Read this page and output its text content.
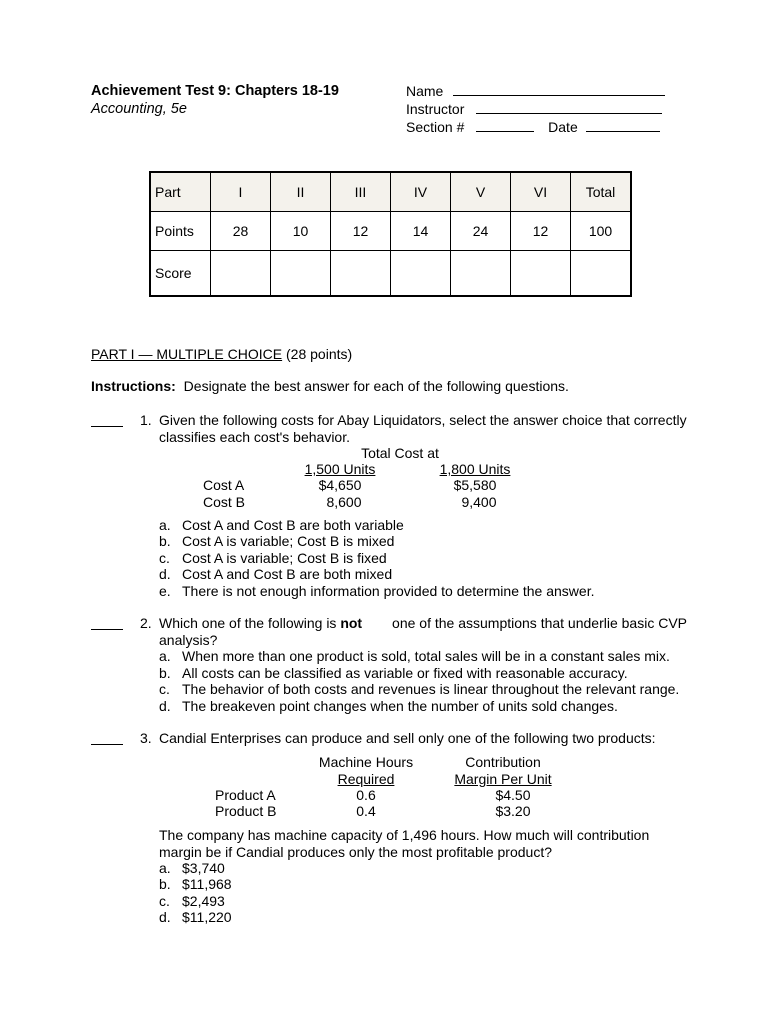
Achievement Test 9: Chapters 18-19
Accounting, 5e
Name
Instructor
Section #	Date
Part	I	II	III	IV	V	VI	Total
Points	28	10	12	14	24	12	100
Score							
PART I — MULTIPLE CHOICE (28 points)
Instructions: Designate the best answer for each of the following questions.
1. Given the following costs for Abay Liquidators, select the answer choice that correctly
classifies each cost's behavior.
Total Cost at
1,500 Units	1,800 Units
Cost A	$4,650	$5,580
Cost B	8,600	9,400
a. Cost A and Cost B are both variable
b. Cost A is variable; Cost B is mixed
c. Cost A is variable; Cost B is fixed
d. Cost A and Cost B are both mixed
e. There is not enough information provided to determine the answer.
2. Which one of the following is not one of the assumptions that underlie basic CVP
analysis?
a. When more than one product is sold, total sales will be in a constant sales mix.
b. All costs can be classified as variable or fixed with reasonable accuracy.
c. The behavior of both costs and revenues is linear throughout the relevant range.
d. The breakeven point changes when the number of units sold changes.
3. Candial Enterprises can produce and sell only one of the following two products:
Machine Hours
Required
Contribution
Margin Per Unit
Product A	0.6	$4.50
Product B	0.4	$3.20
The company has machine capacity of 1,496 hours. How much will contribution
margin be if Candial produces only the most profitable product?
a. $3,740
b. $11,968
c. $2,493
d. $11,220
